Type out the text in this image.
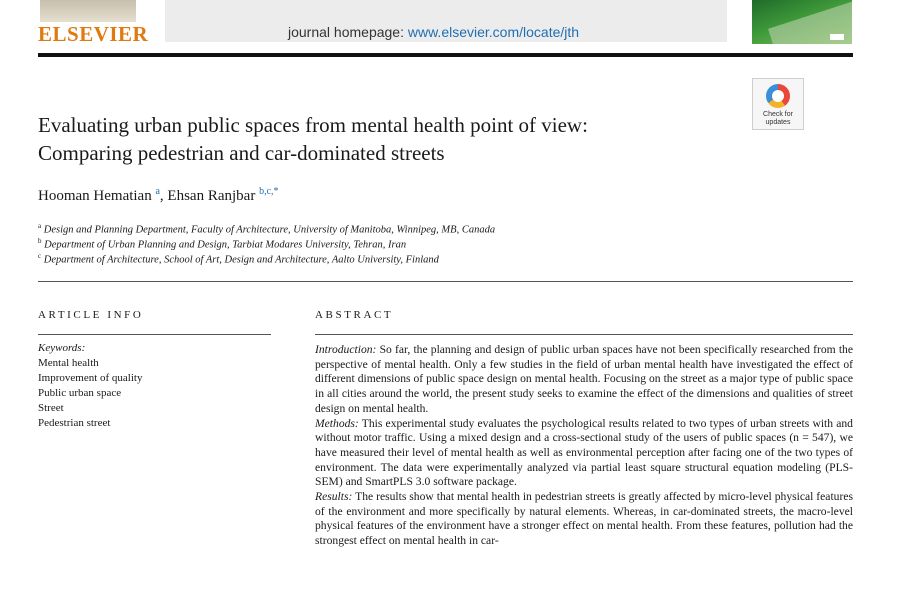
ELSEVIER	journal homepage: www.elsevier.com/locate/jth
Check for
updates
Evaluating urban public spaces from mental health point of view:
Comparing pedestrian and car-dominated streets
Hooman Hematian $^a$, Ehsan Ranjbar $^{b,c,*}$
$^a$ Design and Planning Department, Faculty of Architecture, University of Manitoba, Winnipeg, MB, Canada
$^b$ Department of Urban Planning and Design, Tarbiat Modares University, Tehran, Iran
$^c$ Department of Architecture, School of Art, Design and Architecture, Aalto University, Finland
ARTICLE INFO	ABSTRACT
Keywords:
Mental health
Improvement of quality
Public urban space
Street
Pedestrian street

Introduction: So far, the planning and design of public urban spaces have not been specifically researched from the perspective of mental health. Only a few studies in the field of urban mental health have investigated the effect of different dimensions of public space design on mental health. Focusing on the street as a major type of public space in all cities around the world, the present study seeks to examine the effect of the dimensions and qualities of street design on mental health.

Methods: This experimental study evaluates the psychological results related to two types of urban streets with and without motor traffic. Using a mixed design and a cross-sectional study of the users of public spaces (n = 547), we have measured their level of mental health as well as environmental perception after facing one of the two types of environment. The data were experimentally analyzed via partial least square structural equation modeling (PLS-SEM) and SmartPLS 3.0 software package.

Results: The results show that mental health in pedestrian streets is greatly affected by micro-level physical features of the environment and more specifically by natural elements. Whereas, in car-dominated streets, the macro-level physical features of the environment have a stronger effect on mental health. From these features, pollution had the strongest effect on mental health in car-
